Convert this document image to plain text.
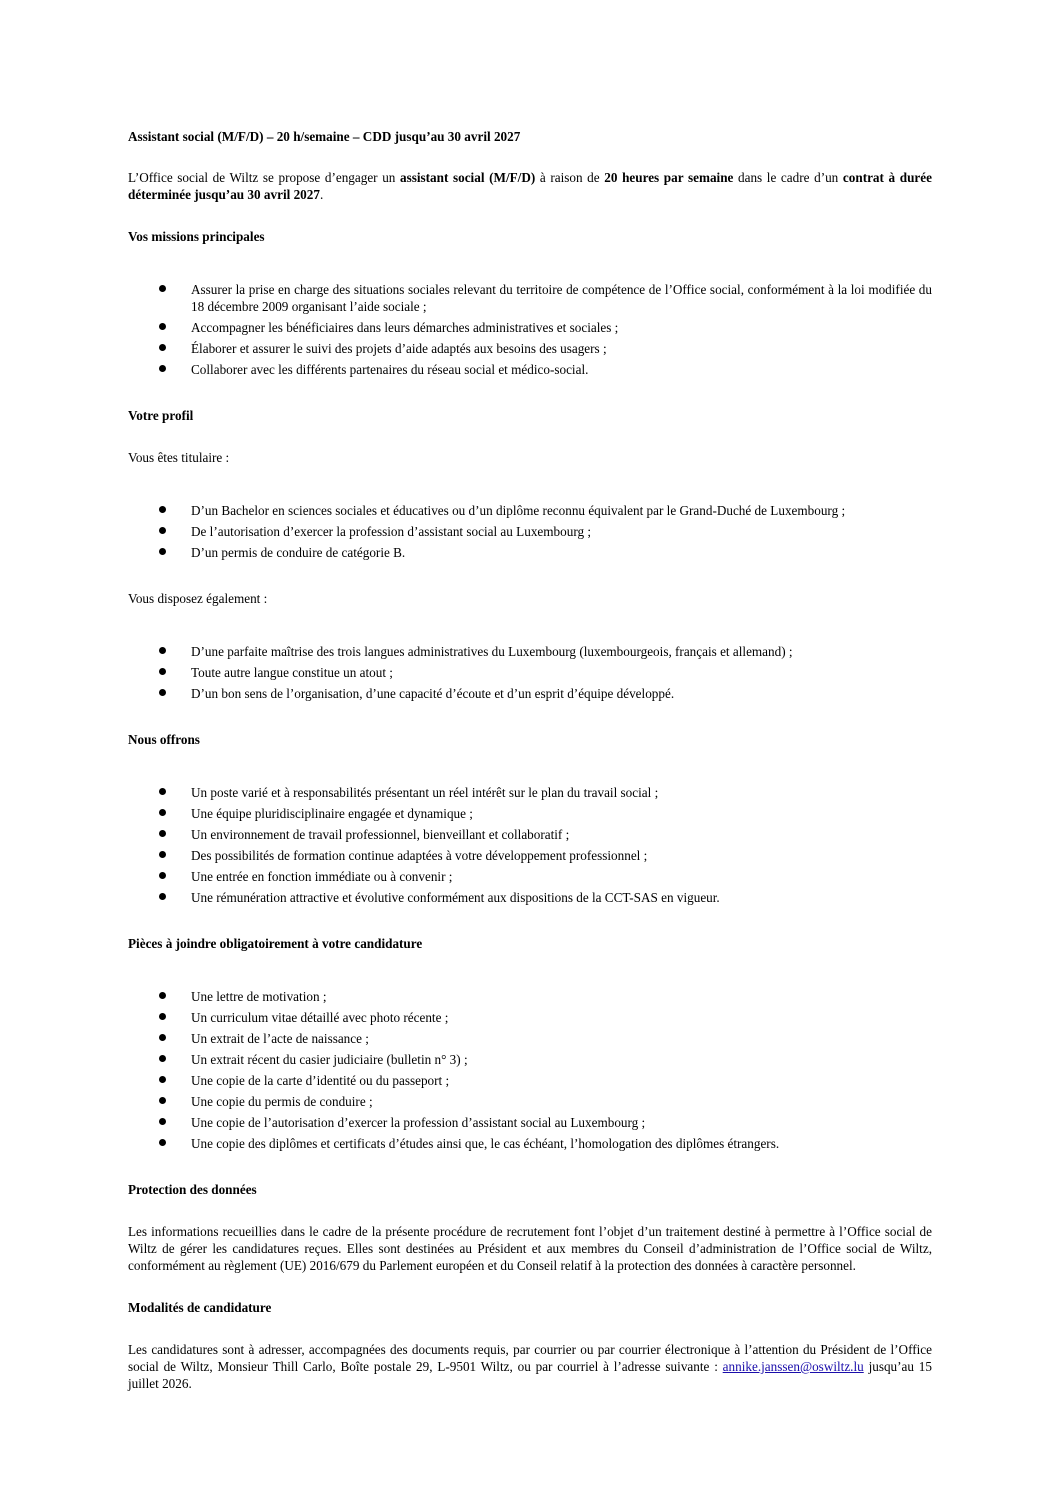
Assistant social (M/F/D) – 20 h/semaine – CDD jusqu’au 30 avril 2027

L’Office social de Wiltz se propose d’engager un assistant social (M/F/D) à raison de 20 heures par semaine dans le cadre d’un contrat à durée déterminée jusqu’au 30 avril 2027.

Vos missions principales

Assurer la prise en charge des situations sociales relevant du territoire de compétence de l’Office social, conformément à la loi modifiée du 18 décembre 2009 organisant l’aide sociale ;
Accompagner les bénéficiaires dans leurs démarches administratives et sociales ;
Élaborer et assurer le suivi des projets d’aide adaptés aux besoins des usagers ;
Collaborer avec les différents partenaires du réseau social et médico-social.

Votre profil

Vous êtes titulaire :

D’un Bachelor en sciences sociales et éducatives ou d’un diplôme reconnu équivalent par le Grand-Duché de Luxembourg ;
De l’autorisation d’exercer la profession d’assistant social au Luxembourg ;
D’un permis de conduire de catégorie B.

Vous disposez également :

D’une parfaite maîtrise des trois langues administratives du Luxembourg (luxembourgeois, français et allemand) ;
Toute autre langue constitue un atout ;
D’un bon sens de l’organisation, d’une capacité d’écoute et d’un esprit d’équipe développé.

Nous offrons

Un poste varié et à responsabilités présentant un réel intérêt sur le plan du travail social ;
Une équipe pluridisciplinaire engagée et dynamique ;
Un environnement de travail professionnel, bienveillant et collaboratif ;
Des possibilités de formation continue adaptées à votre développement professionnel ;
Une entrée en fonction immédiate ou à convenir ;
Une rémunération attractive et évolutive conformément aux dispositions de la CCT-SAS en vigueur.

Pièces à joindre obligatoirement à votre candidature

Une lettre de motivation ;
Un curriculum vitae détaillé avec photo récente ;
Un extrait de l’acte de naissance ;
Un extrait récent du casier judiciaire (bulletin n° 3) ;
Une copie de la carte d’identité ou du passeport ;
Une copie du permis de conduire ;
Une copie de l’autorisation d’exercer la profession d’assistant social au Luxembourg ;
Une copie des diplômes et certificats d’études ainsi que, le cas échéant, l’homologation des diplômes étrangers.

Protection des données

Les informations recueillies dans le cadre de la présente procédure de recrutement font l’objet d’un traitement destiné à permettre à l’Office social de Wiltz de gérer les candidatures reçues. Elles sont destinées au Président et aux membres du Conseil d’administration de l’Office social de Wiltz, conformément au règlement (UE) 2016/679 du Parlement européen et du Conseil relatif à la protection des données à caractère personnel.

Modalités de candidature

Les candidatures sont à adresser, accompagnées des documents requis, par courrier ou par courrier électronique à l’attention du Président de l’Office social de Wiltz, Monsieur Thill Carlo, Boîte postale 29, L-9501 Wiltz, ou par courriel à l’adresse suivante : annike.janssen@oswiltz.lu jusqu’au 15 juillet 2026.
